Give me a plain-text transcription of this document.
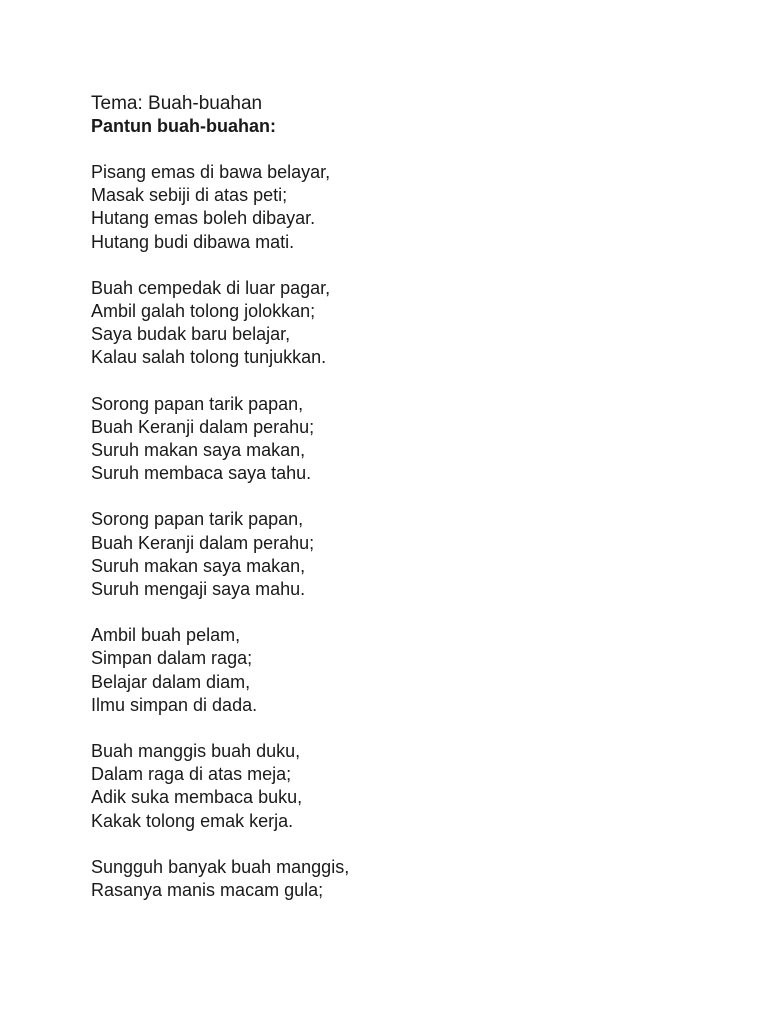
Tema: Buah-buahan
Pantun buah-buahan:
Pisang emas di bawa belayar,
Masak sebiji di atas peti;
Hutang emas boleh dibayar.
Hutang budi dibawa mati.
Buah cempedak di luar pagar,
Ambil galah tolong jolokkan;
Saya budak baru belajar,
Kalau salah tolong tunjukkan.
Sorong papan tarik papan,
Buah Keranji dalam perahu;
Suruh makan saya makan,
Suruh membaca saya tahu.
Sorong papan tarik papan,
Buah Keranji dalam perahu;
Suruh makan saya makan,
Suruh mengaji saya mahu.
Ambil buah pelam,
Simpan dalam raga;
Belajar dalam diam,
Ilmu simpan di dada.
Buah manggis buah duku,
Dalam raga di atas meja;
Adik suka membaca buku,
Kakak tolong emak kerja.
Sungguh banyak buah manggis,
Rasanya manis macam gula;
